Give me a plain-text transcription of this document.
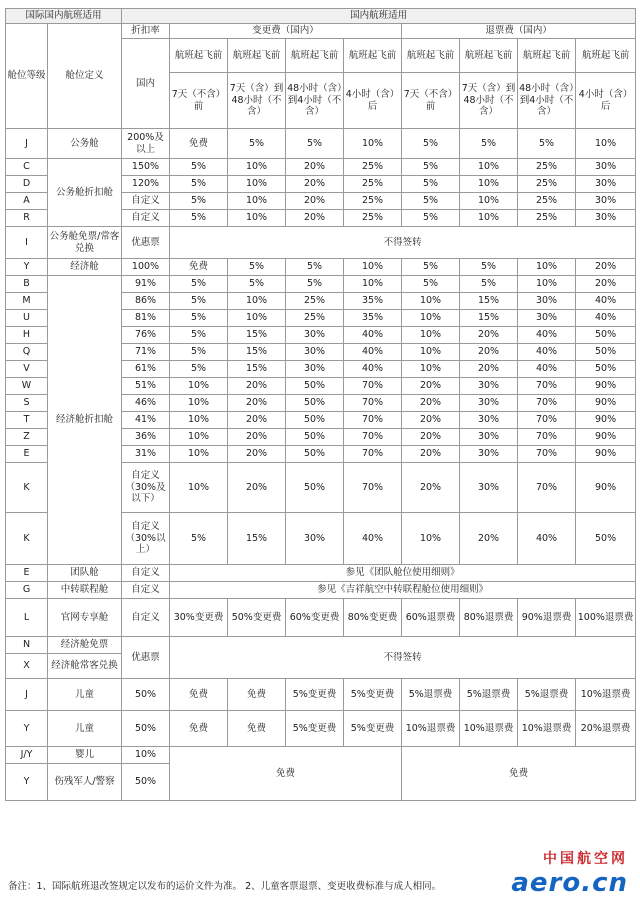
国际国内航班适用		国内航班适用								
舱位等级	舱位定义	折扣率	变更费（国内）				退票费（国内）			
		国内	航班起飞前	航班起飞前	航班起飞前	航班起飞前	航班起飞前	航班起飞前	航班起飞前	航班起飞前
			7天（不含）前	7天（含）到48小时（不含）	48小时（含）到4小时（不含）	4小时（含）后	7天（不含）前	7天（含）到48小时（不含）	48小时（含）到4小时（不含）	4小时（含）后

J	公务舱	200%及以上	免费	5%	5%	10%	5%	5%	5%	10%
C	公务舱折扣舱	150%	5%	10%	20%	25%	5%	10%	25%	30%
D		120%	5%	10%	20%	25%	5%	10%	25%	30%
A		自定义	5%	10%	20%	25%	5%	10%	25%	30%
R		自定义	5%	10%	20%	25%	5%	10%	25%	30%
I	公务舱免票/常客兑换	优惠票	不得签转							
Y	经济舱	100%	免费	5%	5%	10%	5%	5%	10%	20%
B	经济舱折扣舱	91%	5%	5%	5%	10%	5%	5%	10%	20%
M		86%	5%	10%	25%	35%	10%	15%	30%	40%
U		81%	5%	10%	25%	35%	10%	15%	30%	40%
H		76%	5%	15%	30%	40%	10%	20%	40%	50%
Q		71%	5%	15%	30%	40%	10%	20%	40%	50%
V		61%	5%	15%	30%	40%	10%	20%	40%	50%
W		51%	10%	20%	50%	70%	20%	30%	70%	90%
S		46%	10%	20%	50%	70%	20%	30%	70%	90%
T		41%	10%	20%	50%	70%	20%	30%	70%	90%
Z		36%	10%	20%	50%	70%	20%	30%	70%	90%
E		31%	10%	20%	50%	70%	20%	30%	70%	90%
K		自定义（30%及以下）	10%	20%	50%	70%	20%	30%	70%	90%
K		自定义（30%以上）	5%	15%	30%	40%	10%	20%	40%	50%
E	团队舱	自定义	参见《团队舱位使用细则》							
G	中转联程舱	自定义	参见《吉祥航空中转联程舱位使用细则》							
L	官网专享舱	自定义	30%变更费	50%变更费	60%变更费	80%变更费	60%退票费	80%退票费	90%退票费	100%退票费
N	经济舱免票	优惠票	不得签转							
X	经济舱常客兑换									
J	儿童	50%	免费	免费	5%变更费	5%变更费	5%退票费	5%退票费	5%退票费	10%退票费
Y	儿童	50%	免费	免费	5%变更费	5%变更费	10%退票费	10%退票费	10%退票费	20%退票费
J/Y	婴儿	10%	免费				免费			
Y	伤残军人/警察	50%								
备注：1、国际航班退改签规定以发布的运价文件为准。 2、儿童客票退票、变更收费标准与成人相同。
中国航空网
aero.cn
